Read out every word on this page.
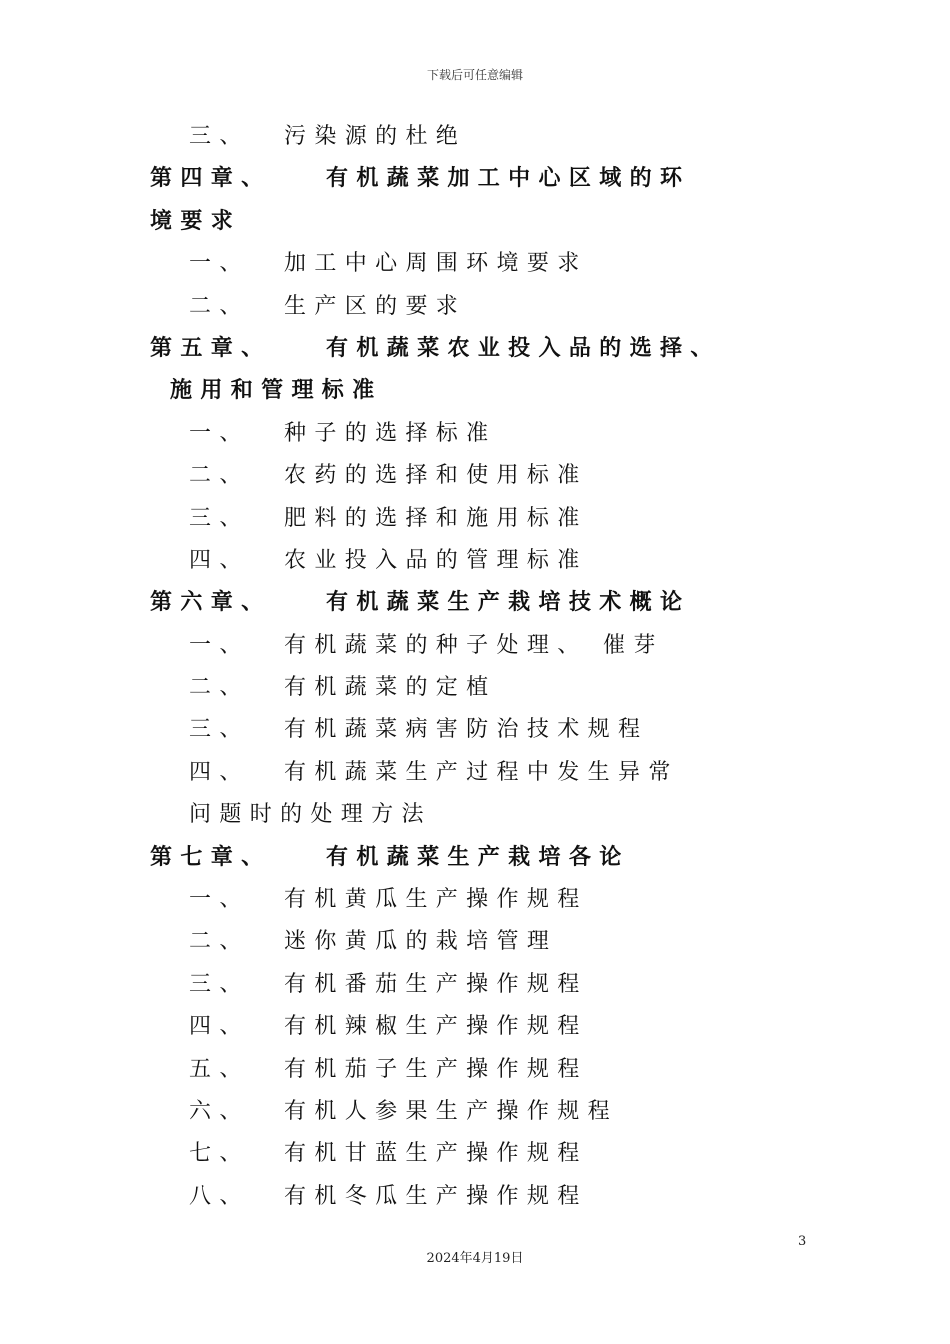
下载后可任意编辑
三、	污染源的杜绝
第四章、	有机蔬菜加工中心区域的环
境要求
一、	加工中心周围环境要求
二、	生产区的要求
第五章、	有机蔬菜农业投入品的选择、
施用和管理标准
一、	种子的选择标准
二、	农药的选择和使用标准
三、	肥料的选择和施用标准
四、	农业投入品的管理标准
第六章、	有机蔬菜生产栽培技术概论
一、	有机蔬菜的种子处理、 催芽
二、	有机蔬菜的定植
三、	有机蔬菜病害防治技术规程
四、	有机蔬菜生产过程中发生异常
问题时的处理方法
第七章、	有机蔬菜生产栽培各论
一、	有机黄瓜生产操作规程
二、	迷你黄瓜的栽培管理
三、	有机番茄生产操作规程
四、	有机辣椒生产操作规程
五、	有机茄子生产操作规程
六、	有机人参果生产操作规程
七、	有机甘蓝生产操作规程
八、	有机冬瓜生产操作规程
3
2024年4月19日
